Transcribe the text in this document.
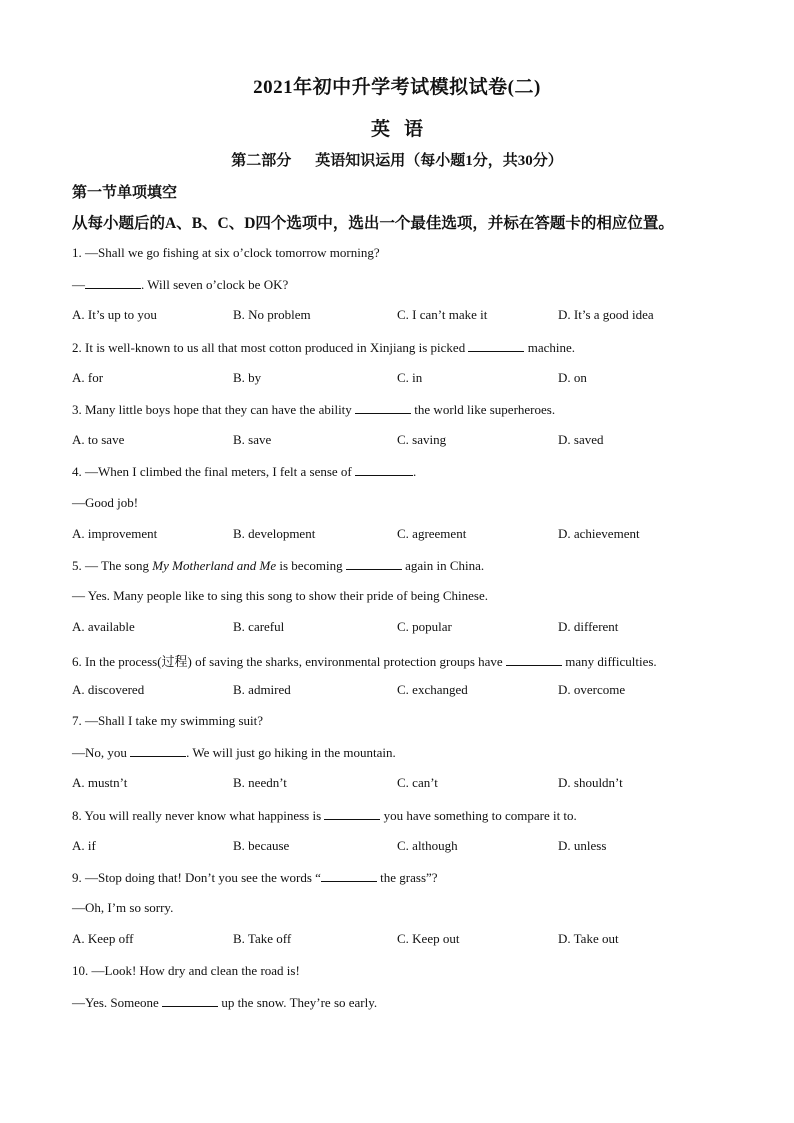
2021年初中升学考试模拟试卷(二)
英语
第二部分 英语知识运用（每小题1分，共30分）
第一节单项填空
从每小题后的A、B、C、D四个选项中，选出一个最佳选项，并标在答题卡的相应位置。
1. —Shall we go fishing at six o’clock tomorrow morning?
—	. Will seven o’clock be OK?
A. It’s up to you	B. No problem	C. I can’t make it	D. It’s a good idea
2. It is well-known to us all that most cotton produced in Xinjiang is picked	machine.
A. for	B. by	C. in	D. on
3. Many little boys hope that they can have the ability	the world like superheroes.
A. to save	B. save	C. saving	D. saved
4. —When I climbed the final meters, I felt a sense of	.
—Good job!
A. improvement	B. development	C. agreement	D. achievement
5. — The song My Motherland and Me is becoming	again in China.
— Yes. Many people like to sing this song to show their pride of being Chinese.
A. available	B. careful	C. popular	D. different
6. In the process(过程) of saving the sharks, environmental protection groups have	many difficulties.
A. discovered	B. admired	C. exchanged	D. overcome
7. —Shall I take my swimming suit?
—No, you	. We will just go hiking in the mountain.
A. mustn’t	B. needn’t	C. can’t	D. shouldn’t
8. You will really never know what happiness is	you have something to compare it to.
A. if	B. because	C. although	D. unless
9. —Stop doing that! Don’t you see the words “	the grass”?
—Oh, I’m so sorry.
A. Keep off	B. Take off	C. Keep out	D. Take out
10. —Look! How dry and clean the road is!
—Yes. Someone	up the snow. They’re so early.
